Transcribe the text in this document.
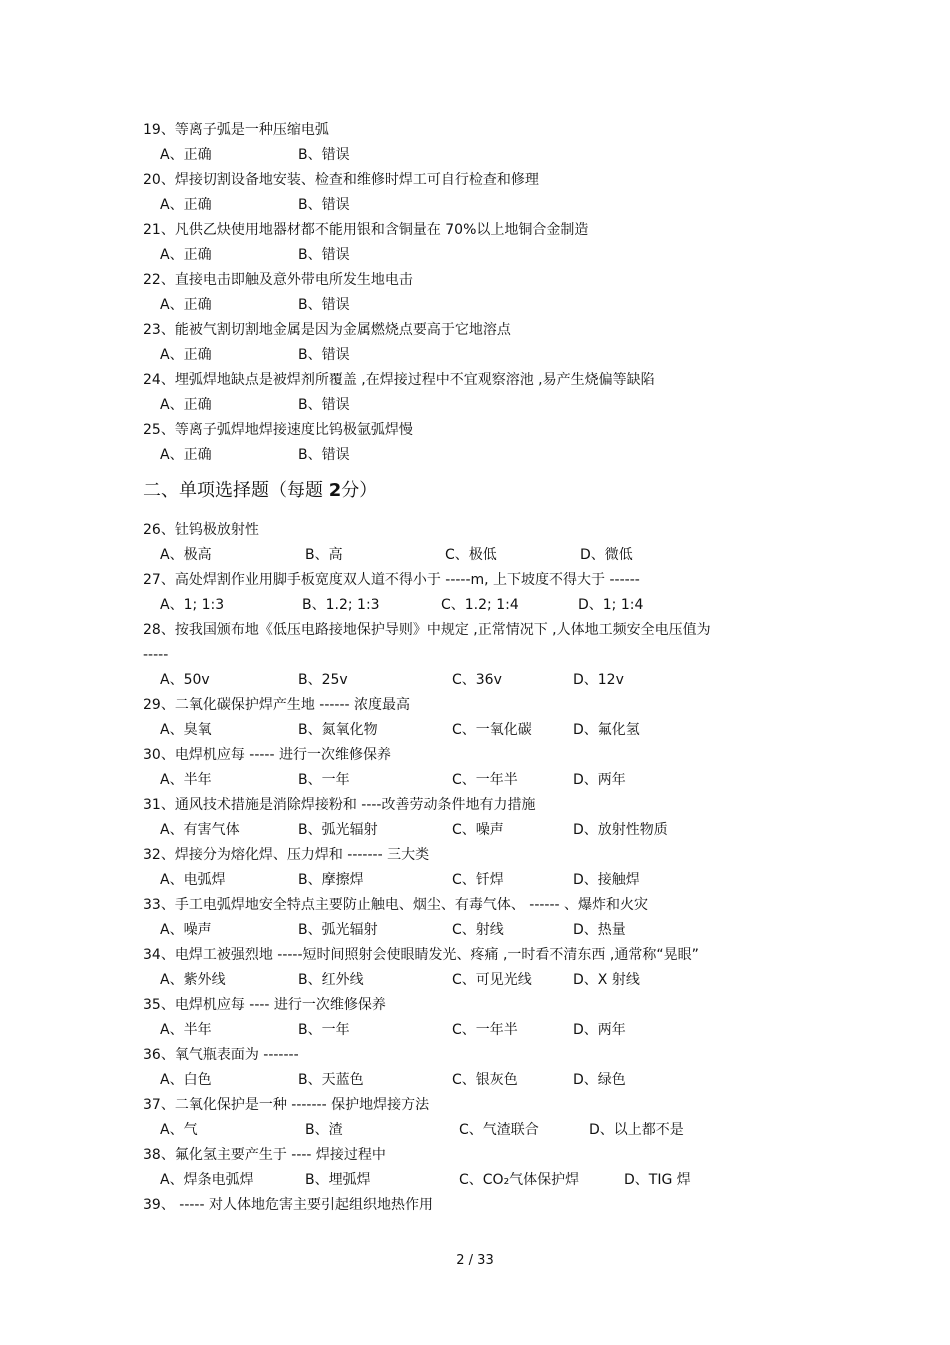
19、等离子弧是一种压缩电弧
A、正确	B、错误
20、焊接切割设备地安装、检查和维修时焊工可自行检查和修理
A、正确	B、错误
21、凡供乙炔使用地器材都不能用银和含铜量在 70%以上地铜合金制造
A、正确	B、错误
22、直接电击即触及意外带电所发生地电击
A、正确	B、错误
23、能被气割切割地金属是因为金属燃烧点要高于它地溶点
A、正确	B、错误
24、埋弧焊地缺点是被焊剂所覆盖 ,在焊接过程中不宜观察溶池 ,易产生烧偏等缺陷
A、正确	B、错误
25、等离子弧焊地焊接速度比钨极氩弧焊慢
A、正确	B、错误
二、单项选择题（每题 2分）
26、钍钨极放射性
A、极高	B、高	C、极低	D、微低
27、高处焊割作业用脚手板宽度双人道不得小于 -----m, 上下坡度不得大于 ------
A、1; 1:3	B、1.2; 1:3	C、1.2; 1:4	D、1; 1:4
28、按我国颁布地《低压电路接地保护导则》中规定 ,正常情况下 ,人体地工频安全电压值为
-----
A、50v	B、25v	C、36v	D、12v
29、二氧化碳保护焊产生地 ------ 浓度最高
A、臭氧	B、氮氧化物	C、一氧化碳	D、氟化氢
30、电焊机应每 ----- 进行一次维修保养
A、半年	B、一年	C、一年半	D、两年
31、通风技术措施是消除焊接粉和 ----改善劳动条件地有力措施
A、有害气体	B、弧光辐射	C、噪声	D、放射性物质
32、焊接分为熔化焊、压力焊和 ------- 三大类
A、电弧焊	B、摩擦焊	C、钎焊	D、接触焊
33、手工电弧焊地安全特点主要防止触电、烟尘、有毒气体、 ------ 、爆炸和火灾
A、噪声	B、弧光辐射	C、射线	D、热量
34、电焊工被强烈地 -----短时间照射会使眼睛发光、疼痛 ,一时看不清东西 ,通常称“晃眼”
A、紫外线	B、红外线	C、可见光线	D、X 射线
35、电焊机应每 ---- 进行一次维修保养
A、半年	B、一年	C、一年半	D、两年
36、氧气瓶表面为 -------
A、白色	B、天蓝色	C、银灰色	D、绿色
37、二氧化保护是一种 ------- 保护地焊接方法
A、气	B、渣	C、气渣联合	D、以上都不是
38、氟化氢主要产生于 ---- 焊接过程中
A、焊条电弧焊	B、埋弧焊	C、CO₂气体保护焊	D、TIG 焊
39、 ----- 对人体地危害主要引起组织地热作用
2 / 33
